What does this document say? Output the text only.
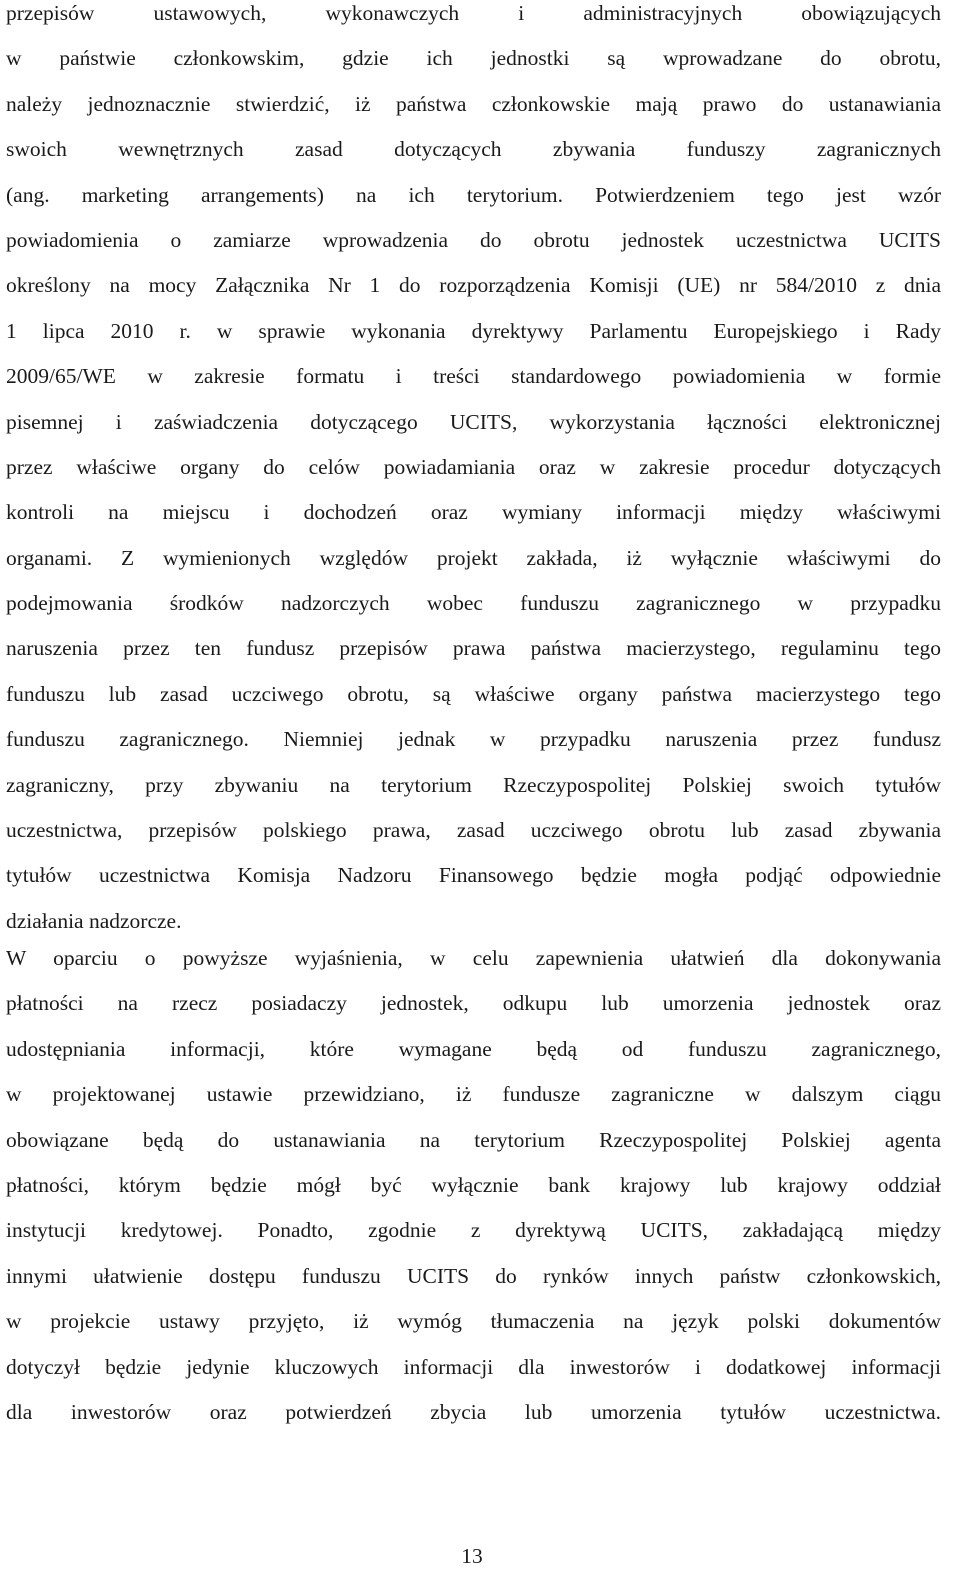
przepisów ustawowych, wykonawczych i administracyjnych obowiązujących
w państwie członkowskim, gdzie ich jednostki są wprowadzane do obrotu,
należy jednoznacznie stwierdzić, iż państwa członkowskie mają prawo do ustanawiania
swoich wewnętrznych zasad dotyczących zbywania funduszy zagranicznych
(ang. marketing arrangements) na ich terytorium. Potwierdzeniem tego jest wzór
powiadomienia o zamiarze wprowadzenia do obrotu jednostek uczestnictwa UCITS
określony na mocy Załącznika Nr 1 do rozporządzenia Komisji (UE) nr 584/2010 z dnia
1 lipca 2010 r. w sprawie wykonania dyrektywy Parlamentu Europejskiego i Rady
2009/65/WE w zakresie formatu i treści standardowego powiadomienia w formie
pisemnej i zaświadczenia dotyczącego UCITS, wykorzystania łączności elektronicznej
przez właściwe organy do celów powiadamiania oraz w zakresie procedur dotyczących
kontroli na miejscu i dochodzeń oraz wymiany informacji między właściwymi
organami. Z wymienionych względów projekt zakłada, iż wyłącznie właściwymi do
podejmowania środków nadzorczych wobec funduszu zagranicznego w przypadku
naruszenia przez ten fundusz przepisów prawa państwa macierzystego, regulaminu tego
funduszu lub zasad uczciwego obrotu, są właściwe organy państwa macierzystego tego
funduszu zagranicznego. Niemniej jednak w przypadku naruszenia przez fundusz
zagraniczny, przy zbywaniu na terytorium Rzeczypospolitej Polskiej swoich tytułów
uczestnictwa, przepisów polskiego prawa, zasad uczciwego obrotu lub zasad zbywania
tytułów uczestnictwa Komisja Nadzoru Finansowego będzie mogła podjąć odpowiednie
działania nadzorcze.
W oparciu o powyższe wyjaśnienia, w celu zapewnienia ułatwień dla dokonywania
płatności na rzecz posiadaczy jednostek, odkupu lub umorzenia jednostek oraz
udostępniania informacji, które wymagane będą od funduszu zagranicznego,
w projektowanej ustawie przewidziano, iż fundusze zagraniczne w dalszym ciągu
obowiązane będą do ustanawiania na terytorium Rzeczypospolitej Polskiej agenta
płatności, którym będzie mógł być wyłącznie bank krajowy lub krajowy oddział
instytucji kredytowej. Ponadto, zgodnie z dyrektywą UCITS, zakładającą między
innymi ułatwienie dostępu funduszu UCITS do rynków innych państw członkowskich,
w projekcie ustawy przyjęto, iż wymóg tłumaczenia na język polski dokumentów
dotyczył będzie jedynie kluczowych informacji dla inwestorów i dodatkowej informacji
dla inwestorów oraz potwierdzeń zbycia lub umorzenia tytułów uczestnictwa.
13
